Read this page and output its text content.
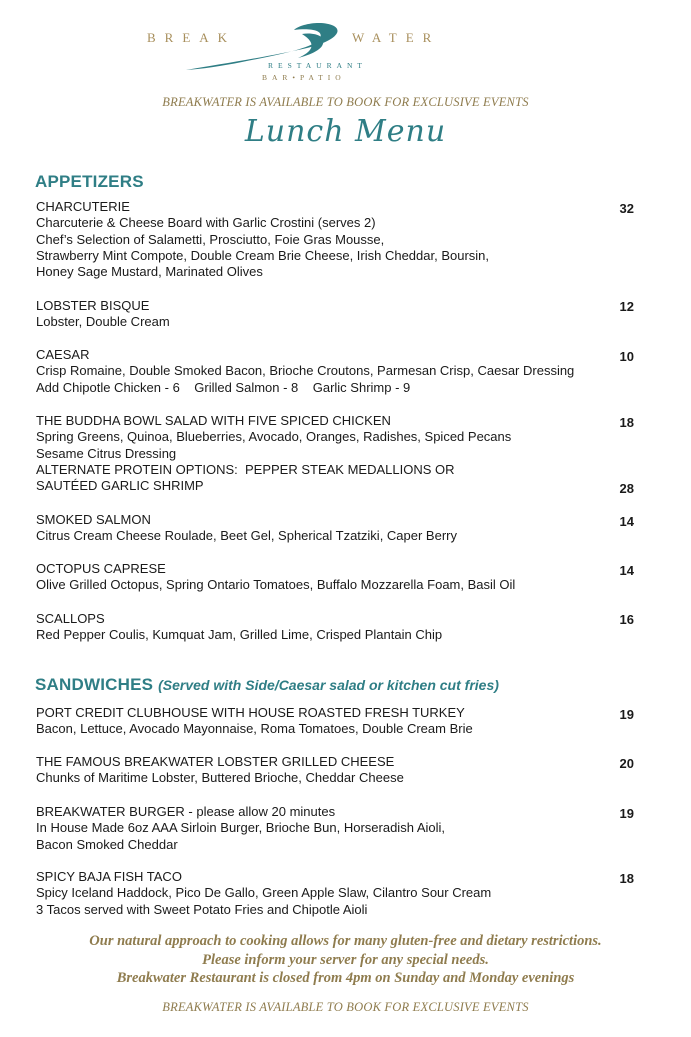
BREAK	WATER
RESTAURANT
BAR•PATIO
BREAKWATER IS AVAILABLE TO BOOK FOR EXCLUSIVE EVENTS
Lunch Menu
APPETIZERS
CHARCUTERIE
Charcuterie & Cheese Board with Garlic Crostini (serves 2)
Chef’s Selection of Salametti, Prosciutto, Foie Gras Mousse,
Strawberry Mint Compote, Double Cream Brie Cheese, Irish Cheddar, Boursin,
Honey Sage Mustard, Marinated Olives
32
LOBSTER BISQUE
Lobster, Double Cream
12
CAESAR
Crisp Romaine, Double Smoked Bacon, Brioche Croutons, Parmesan Crisp, Caesar Dressing
Add Chipotle Chicken - 6    Grilled Salmon - 8    Garlic Shrimp - 9
10
THE BUDDHA BOWL SALAD WITH FIVE SPICED CHICKEN
Spring Greens, Quinoa, Blueberries, Avocado, Oranges, Radishes, Spiced Pecans
Sesame Citrus Dressing
ALTERNATE PROTEIN OPTIONS:  PEPPER STEAK MEDALLIONS OR
SAUTÉED GARLIC SHRIMP
18
28
SMOKED SALMON
Citrus Cream Cheese Roulade, Beet Gel, Spherical Tzatziki, Caper Berry
14
OCTOPUS CAPRESE
Olive Grilled Octopus, Spring Ontario Tomatoes, Buffalo Mozzarella Foam, Basil Oil
14
SCALLOPS
Red Pepper Coulis, Kumquat Jam, Grilled Lime, Crisped Plantain Chip
16
SANDWICHES (Served with Side/Caesar salad or kitchen cut fries)
PORT CREDIT CLUBHOUSE WITH HOUSE ROASTED FRESH TURKEY
Bacon, Lettuce, Avocado Mayonnaise, Roma Tomatoes, Double Cream Brie
19
THE FAMOUS BREAKWATER LOBSTER GRILLED CHEESE
Chunks of Maritime Lobster, Buttered Brioche, Cheddar Cheese
20
BREAKWATER BURGER - please allow 20 minutes
In House Made 6oz AAA Sirloin Burger, Brioche Bun, Horseradish Aioli,
Bacon Smoked Cheddar
19
SPICY BAJA FISH TACO
Spicy Iceland Haddock, Pico De Gallo, Green Apple Slaw, Cilantro Sour Cream
3 Tacos served with Sweet Potato Fries and Chipotle Aioli
18
Our natural approach to cooking allows for many gluten-free and dietary restrictions.
Please inform your server for any special needs.
Breakwater Restaurant is closed from 4pm on Sunday and Monday evenings
BREAKWATER IS AVAILABLE TO BOOK FOR EXCLUSIVE EVENTS
